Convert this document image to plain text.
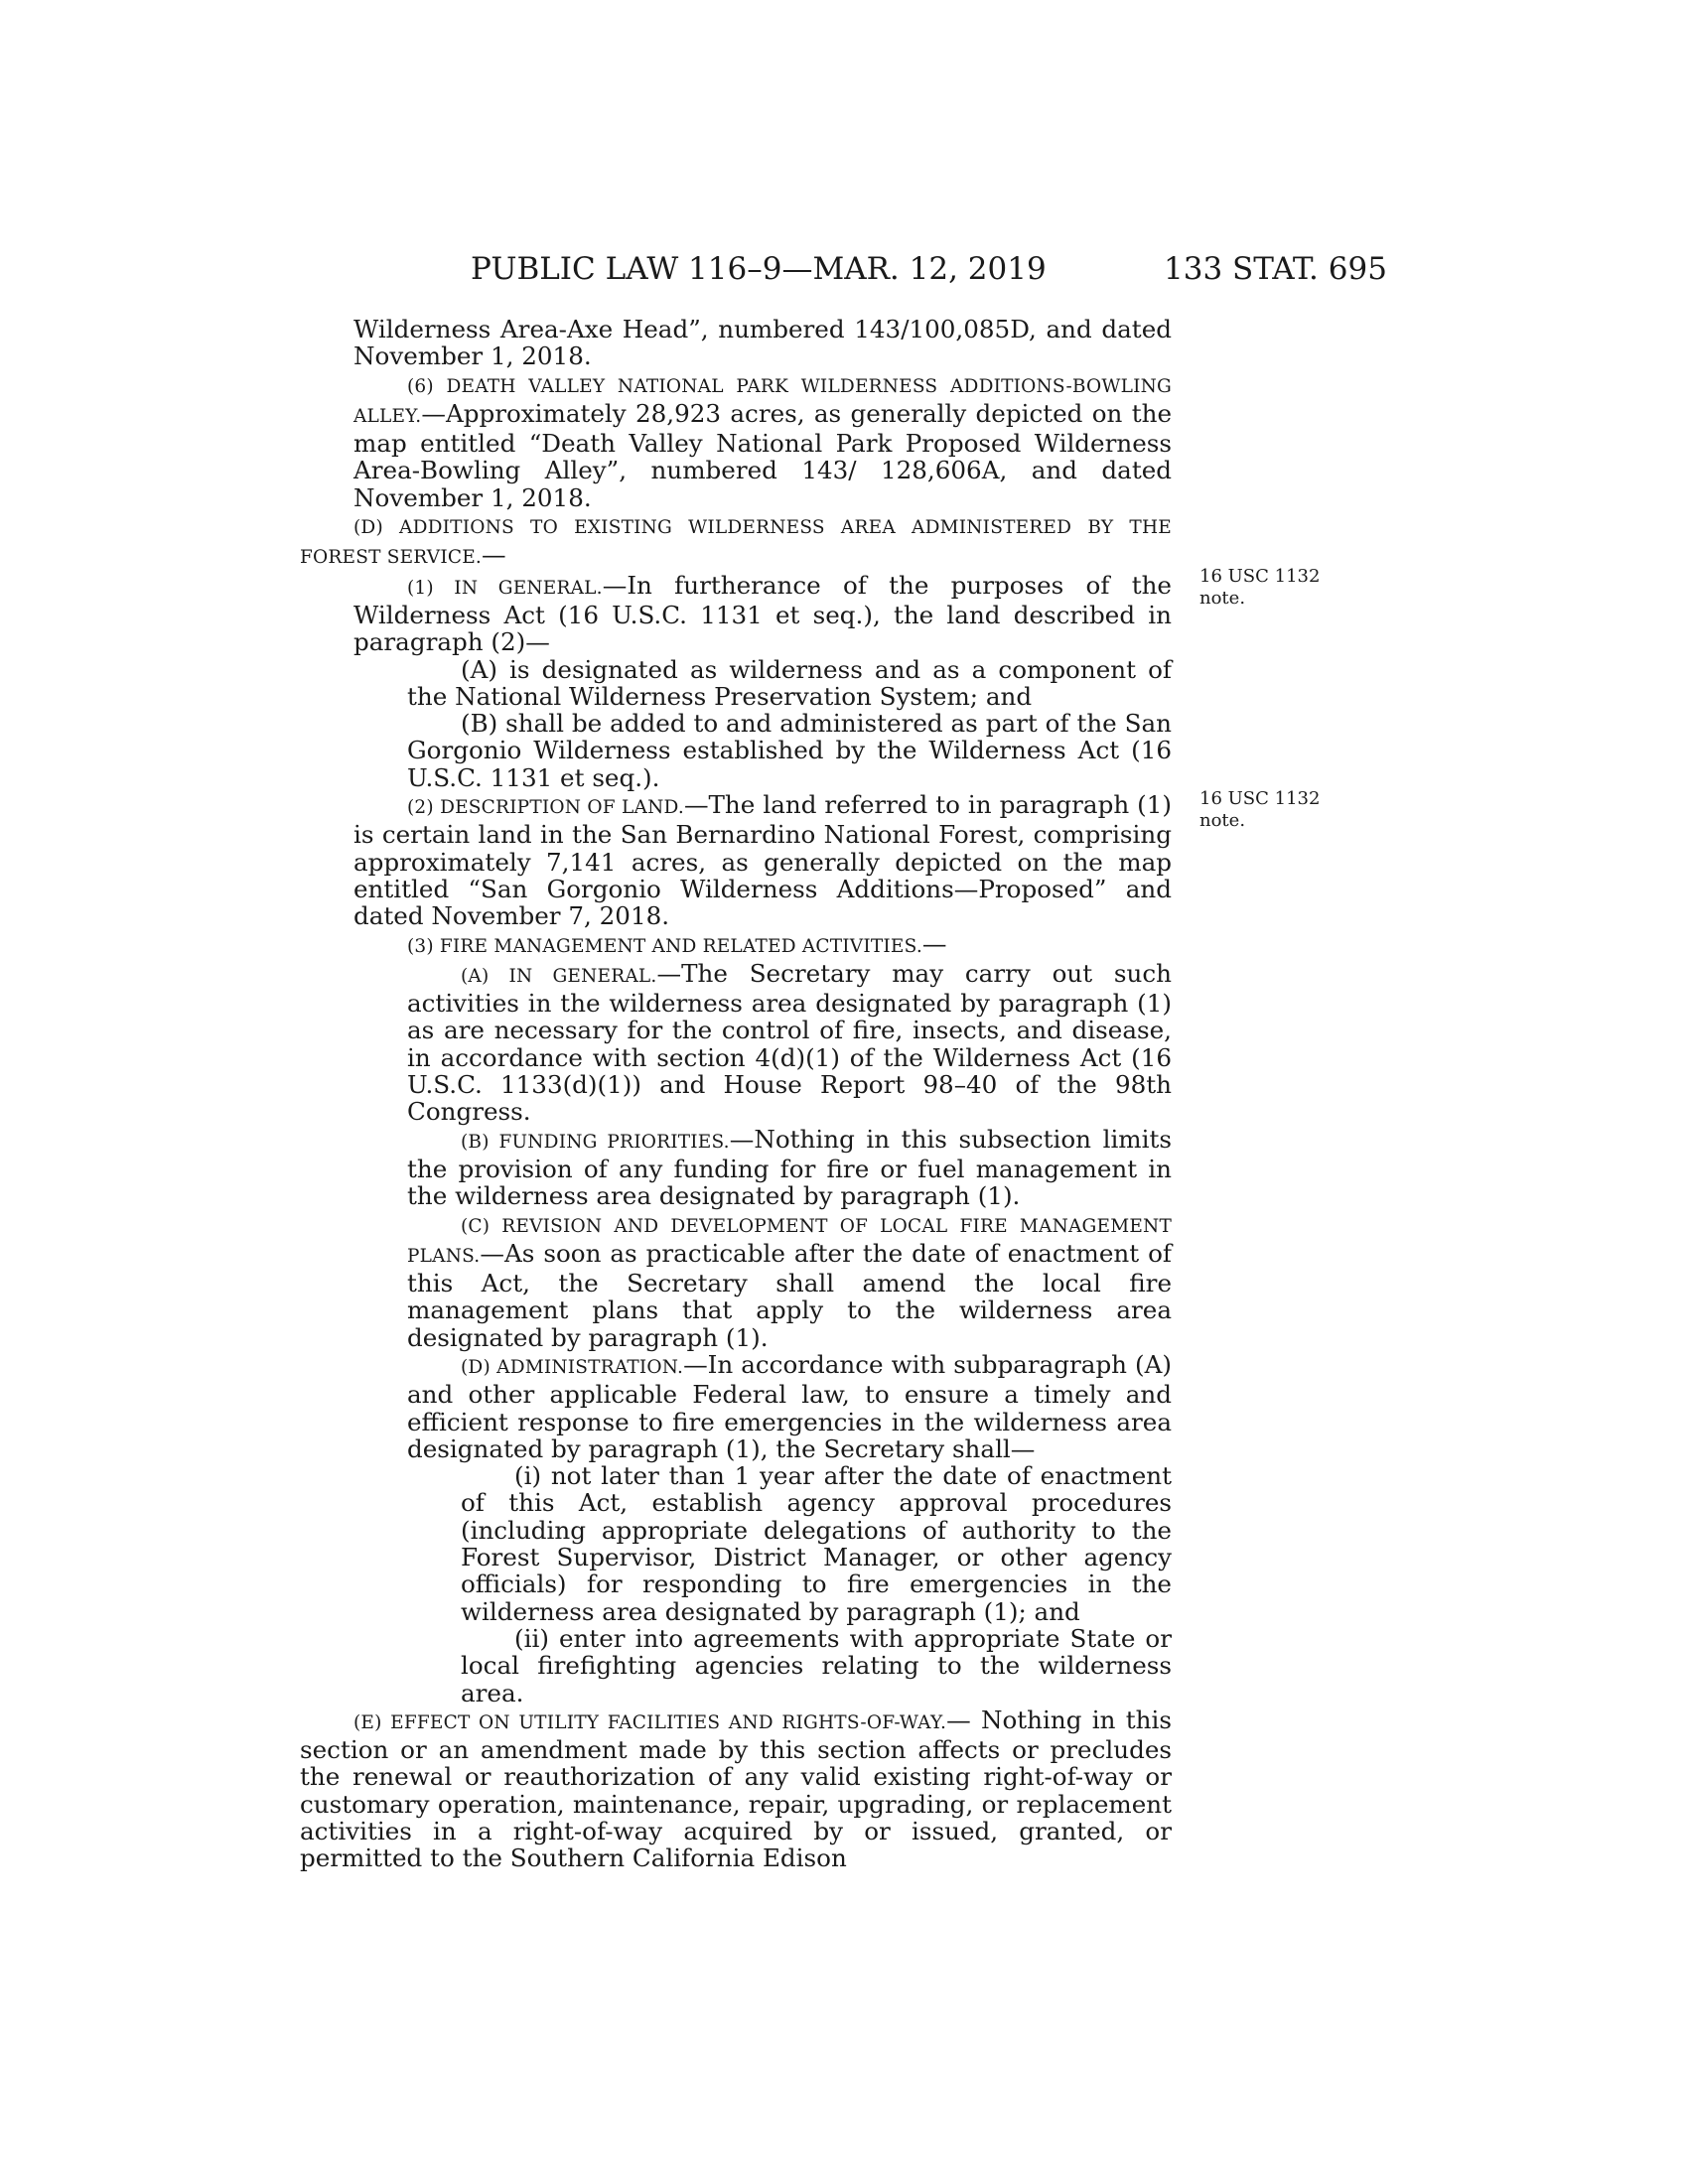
PUBLIC LAW 116–9—MAR. 12, 2019	133 STAT. 695
16 USC 1132
note.
16 USC 1132
note.

Wilderness Area-Axe Head”, numbered 143/100,085D, and dated November 1, 2018.

(6) DEATH VALLEY NATIONAL PARK WILDERNESS ADDITIONS-BOWLING ALLEY.—Approximately 28,923 acres, as generally depicted on the map entitled “Death Valley National Park Proposed Wilderness Area-Bowling Alley”, numbered 143/ 128,606A, and dated November 1, 2018.

(D) ADDITIONS TO EXISTING WILDERNESS AREA ADMINISTERED BY THE FOREST SERVICE.—

(1) IN GENERAL.—In furtherance of the purposes of the Wilderness Act (16 U.S.C. 1131 et seq.), the land described in paragraph (2)—

(A) is designated as wilderness and as a component of the National Wilderness Preservation System; and

(B) shall be added to and administered as part of the San Gorgonio Wilderness established by the Wilderness Act (16 U.S.C. 1131 et seq.).

(2) DESCRIPTION OF LAND.—The land referred to in paragraph (1) is certain land in the San Bernardino National Forest, comprising approximately 7,141 acres, as generally depicted on the map entitled “San Gorgonio Wilderness Additions—Proposed” and dated November 7, 2018.

(3) FIRE MANAGEMENT AND RELATED ACTIVITIES.—

(A) IN GENERAL.—The Secretary may carry out such activities in the wilderness area designated by paragraph (1) as are necessary for the control of fire, insects, and disease, in accordance with section 4(d)(1) of the Wilderness Act (16 U.S.C. 1133(d)(1)) and House Report 98–40 of the 98th Congress.

(B) FUNDING PRIORITIES.—Nothing in this subsection limits the provision of any funding for fire or fuel management in the wilderness area designated by paragraph (1).

(C) REVISION AND DEVELOPMENT OF LOCAL FIRE MANAGEMENT PLANS.—As soon as practicable after the date of enactment of this Act, the Secretary shall amend the local fire management plans that apply to the wilderness area designated by paragraph (1).

(D) ADMINISTRATION.—In accordance with subparagraph (A) and other applicable Federal law, to ensure a timely and efficient response to fire emergencies in the wilderness area designated by paragraph (1), the Secretary shall—

(i) not later than 1 year after the date of enactment of this Act, establish agency approval procedures (including appropriate delegations of authority to the Forest Supervisor, District Manager, or other agency officials) for responding to fire emergencies in the wilderness area designated by paragraph (1); and

(ii) enter into agreements with appropriate State or local firefighting agencies relating to the wilderness area.

(E) EFFECT ON UTILITY FACILITIES AND RIGHTS-OF-WAY.— Nothing in this section or an amendment made by this section affects or precludes the renewal or reauthorization of any valid existing right-of-way or customary operation, maintenance, repair, upgrading, or replacement activities in a right-of-way acquired by or issued, granted, or permitted to the Southern California Edison
